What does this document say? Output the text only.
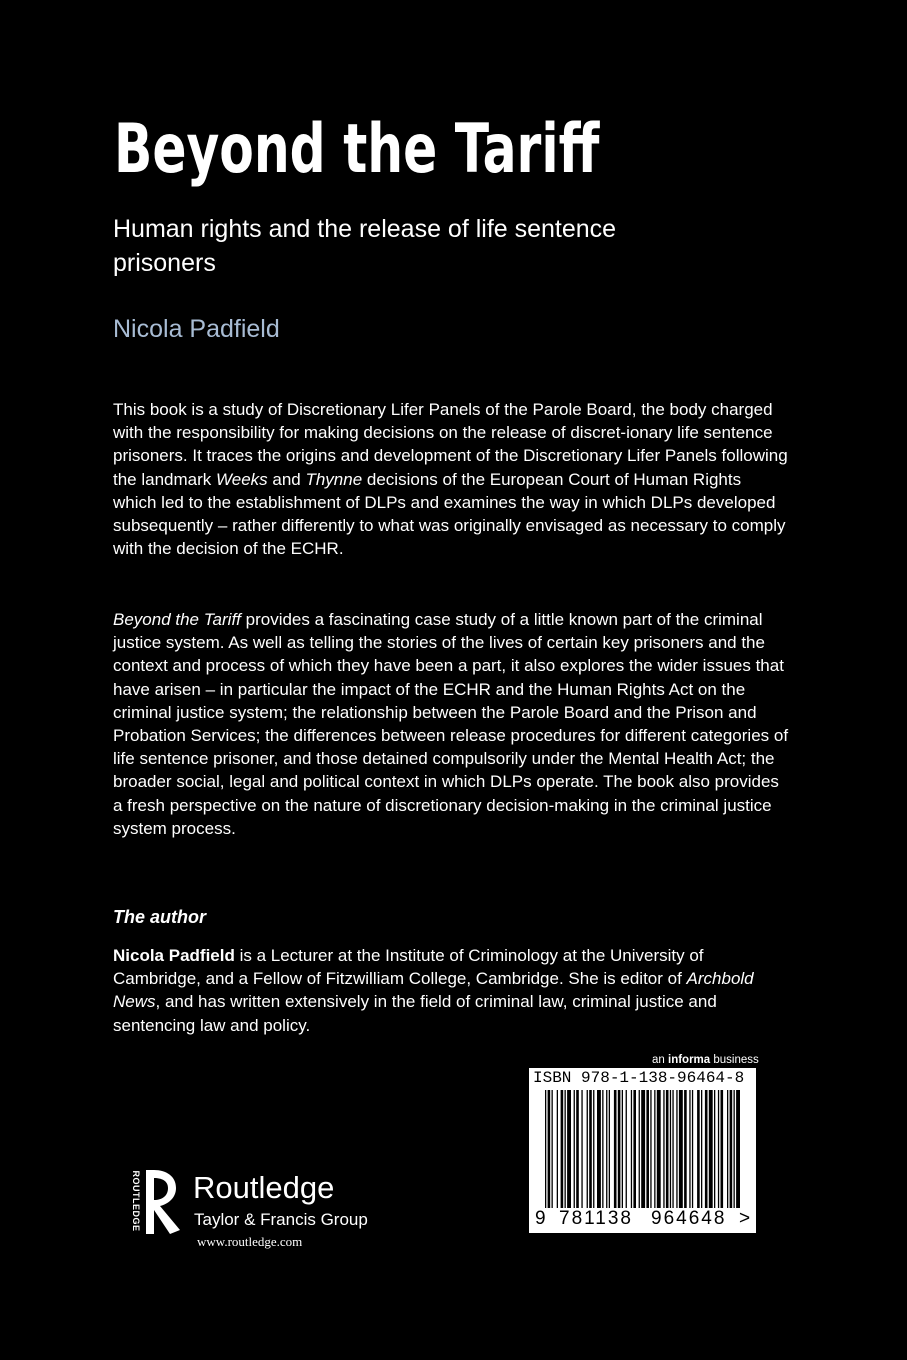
Beyond the Tariff
Human rights and the release of life sentence prisoners
Nicola Padfield

This book is a study of Discretionary Lifer Panels of the Parole Board, the body charged with the responsibility for making decisions on the release of discret-ionary life sentence prisoners. It traces the origins and development of the Discretionary Lifer Panels following the landmark Weeks and Thynne decisions of the European Court of Human Rights which led to the establishment of DLPs and examines the way in which DLPs developed subsequently – rather differently to what was originally envisaged as necessary to comply with the decision of the ECHR.

Beyond the Tariff provides a fascinating case study of a little known part of the criminal justice system. As well as telling the stories of the lives of certain key prisoners and the context and process of which they have been a part, it also explores the wider issues that have arisen – in particular the impact of the ECHR and the Human Rights Act on the criminal justice system; the relationship between the Parole Board and the Prison and Probation Services; the differences between release procedures for different categories of life sentence prisoner, and those detained compulsorily under the Mental Health Act; the broader social, legal and political context in which DLPs operate. The book also provides a fresh perspective on the nature of discretionary decision-making in the criminal justice system process.

The author

Nicola Padfield is a Lecturer at the Institute of Criminology at the University of Cambridge, and a Fellow of Fitzwilliam College, Cambridge. She is editor of Archbold News, and has written extensively in the field of criminal law, criminal justice and sentencing law and policy.

an informa business
ISBN 978-1-138-96464-8
9 781138 964648 >
ROUTLEDGE Routledge
Taylor & Francis Group
www.routledge.com
